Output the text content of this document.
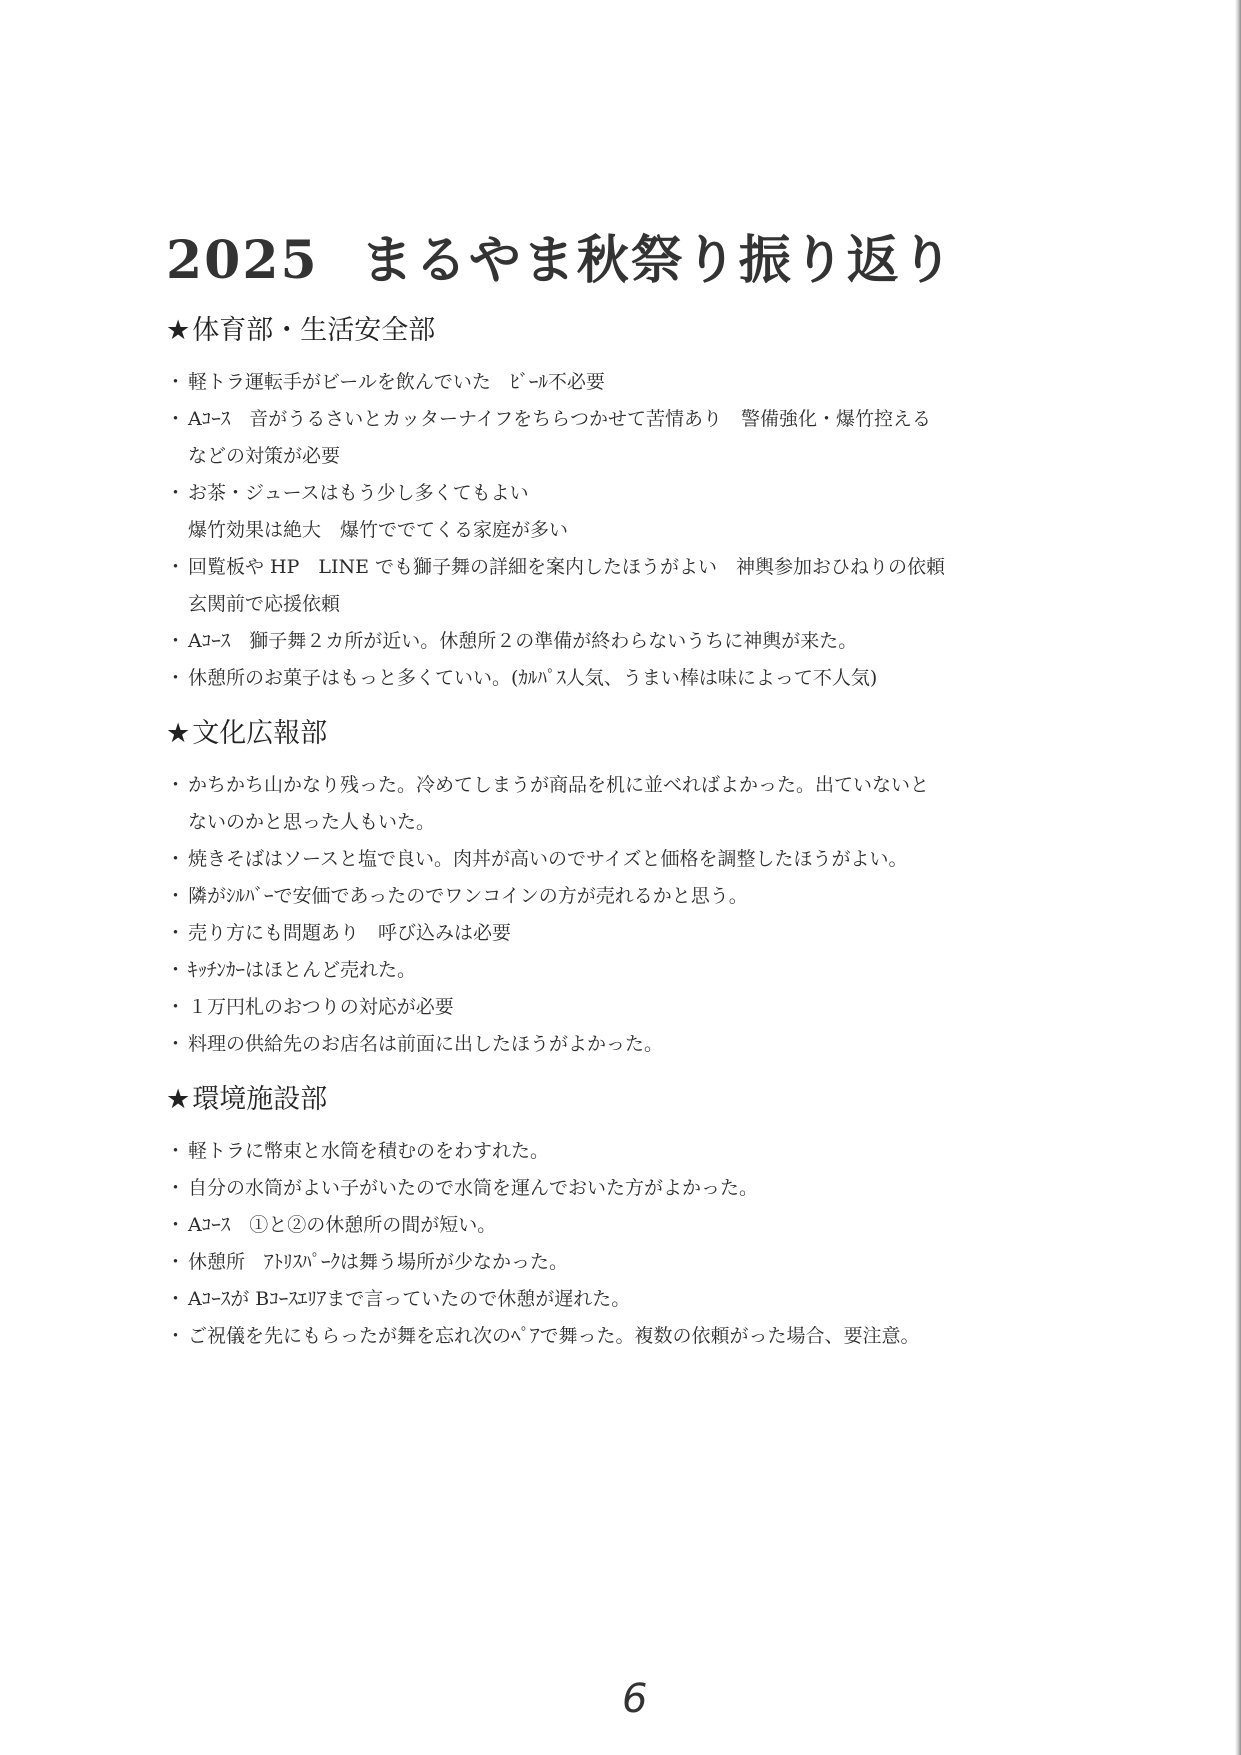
2025 まるやま秋祭り振り返り
★体育部・生活安全部
・ 軽トラ運転手がビールを飲んでいた　ﾋﾞｰﾙ不必要
・ Aｺｰｽ　音がうるさいとカッターナイフをちらつかせて苦情あり　警備強化・爆竹控える
などの対策が必要
・ お茶・ジュースはもう少し多くてもよい
爆竹効果は絶大　爆竹ででてくる家庭が多い
・ 回覧板や HP　LINE でも獅子舞の詳細を案内したほうがよい　神輿参加おひねりの依頼
玄関前で応援依頼
・ Aｺｰｽ　獅子舞２カ所が近い。休憩所２の準備が終わらないうちに神輿が来た。
・ 休憩所のお菓子はもっと多くていい。(ｶﾙﾊﾟｽ人気、うまい棒は味によって不人気)
★文化広報部
・ かちかち山かなり残った。冷めてしまうが商品を机に並べればよかった。出ていないと
ないのかと思った人もいた。
・ 焼きそばはソースと塩で良い。肉丼が高いのでサイズと価格を調整したほうがよい。
・ 隣がｼﾙﾊﾞｰで安価であったのでワンコインの方が売れるかと思う。
・ 売り方にも問題あり　呼び込みは必要
・ ｷｯﾁﾝｶｰはほとんど売れた。
・ １万円札のおつりの対応が必要
・ 料理の供給先のお店名は前面に出したほうがよかった。
★環境施設部
・ 軽トラに幣束と水筒を積むのをわすれた。
・ 自分の水筒がよい子がいたので水筒を運んでおいた方がよかった。
・ Aｺｰｽ　①と②の休憩所の間が短い。
・ 休憩所　ｱﾄﾘｽﾊﾟｰｸは舞う場所が少なかった。
・ Aｺｰｽが Bｺｰｽｴﾘｱまで言っていたので休憩が遅れた。
・ ご祝儀を先にもらったが舞を忘れ次のﾍﾟｱで舞った。複数の依頼がった場合、要注意。
6
